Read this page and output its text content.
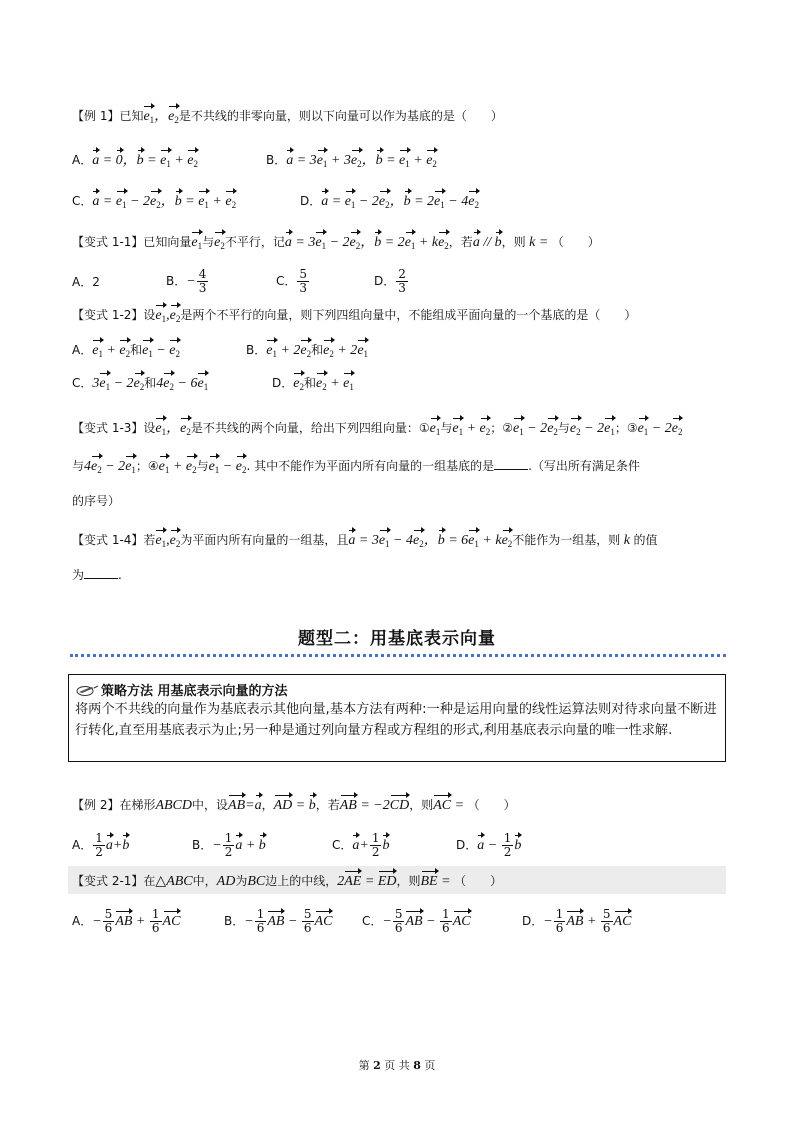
【例 1】已知$e_1$，$e_2$是不共线的非零向量，则以下向量可以作为基底的是（　　）
A．a = 0，$b = e_1 + e_2$	B．$a = 3e_1 + 3e_2$，$b = e_1 + e_2$
C．$a = e_1 - 2e_2$，$b = e_1 + e_2$	D．$a = e_1 - 2e_2$，$b = 2e_1 - 4e_2$
【变式 1-1】已知向量$e_1$与$e_2$不平行，记$a = 3e_1 - 2e_2$，$b = 2e_1 + ke_2$，若a // b，则 k = （　　）
A．2	B．− $\frac{4}{3}$	C． $\frac{5}{3}$	D． $\frac{2}{3}$
【变式 1-2】设$e_1,e_2$是两个不平行的向量，则下列四组向量中，不能组成平面向量的一个基底的是（　　）
A．$e_1 + e_2$和$e_1 - e_2$	B．$e_1 + 2e_2$和$e_2 + 2e_1$
C．$3e_1 - 2e_2$和$4e_2 - 6e_1$	D．$e_2$和$e_2 + e_1$
【变式 1-3】设$e_1$，$e_2$是不共线的两个向量，给出下列四组向量：$①e_1$与$e_1 + e_2$；$②e_1 - 2e_2$与$e_2 - 2e_1$；$③e_1 - 2e_2$
与$4e_2 - 2e_1$；$④e_1 + e_2$与$e_1 - e_2$. 其中不能作为平面内所有向量的一组基底的是	.（写出所有满足条件
的序号）
【变式 1-4】若$e_1,e_2$为平面内所有向量的一组基，且$a = 3e_1 - 4e_2$，$b = 6e_1 + ke_2$不能作为一组基，则 k 的值
为	.
题型二：用基底表示向量
策略方法 用基底表示向量的方法
将两个不共线的向量作为基底表示其他向量,基本方法有两种:一种是运用向量的线性运算法则对待求向量不断进行转化,直至用基底表示为止;另一种是通过列向量方程或方程组的形式,利用基底表示向量的唯一性求解.
【例 2】在梯形ABCD中，设AB=a，AD = b，若AB = −2CD，则AC = （　　）
A． $\frac{1}{2} a+b$	B．− $\frac{1}{2}$ a + b	C．$a+ \frac{1}{2}$ b	D．$a - \frac{1}{2}$ b
【变式 2-1】在△ABC中，AD为BC边上的中线，2AE = ED，则BE = （　　）
A．− $\frac{5}{6}$ AB + $\frac{1}{6}$ AC	B．− $\frac{1}{6}$ AB − $\frac{5}{6}$ AC C．− $\frac{5}{6}$ AB − $\frac{1}{6}$ AC	D．− $\frac{1}{6}$ AB + $\frac{5}{6}$ AC
第 2 页 共 8 页
